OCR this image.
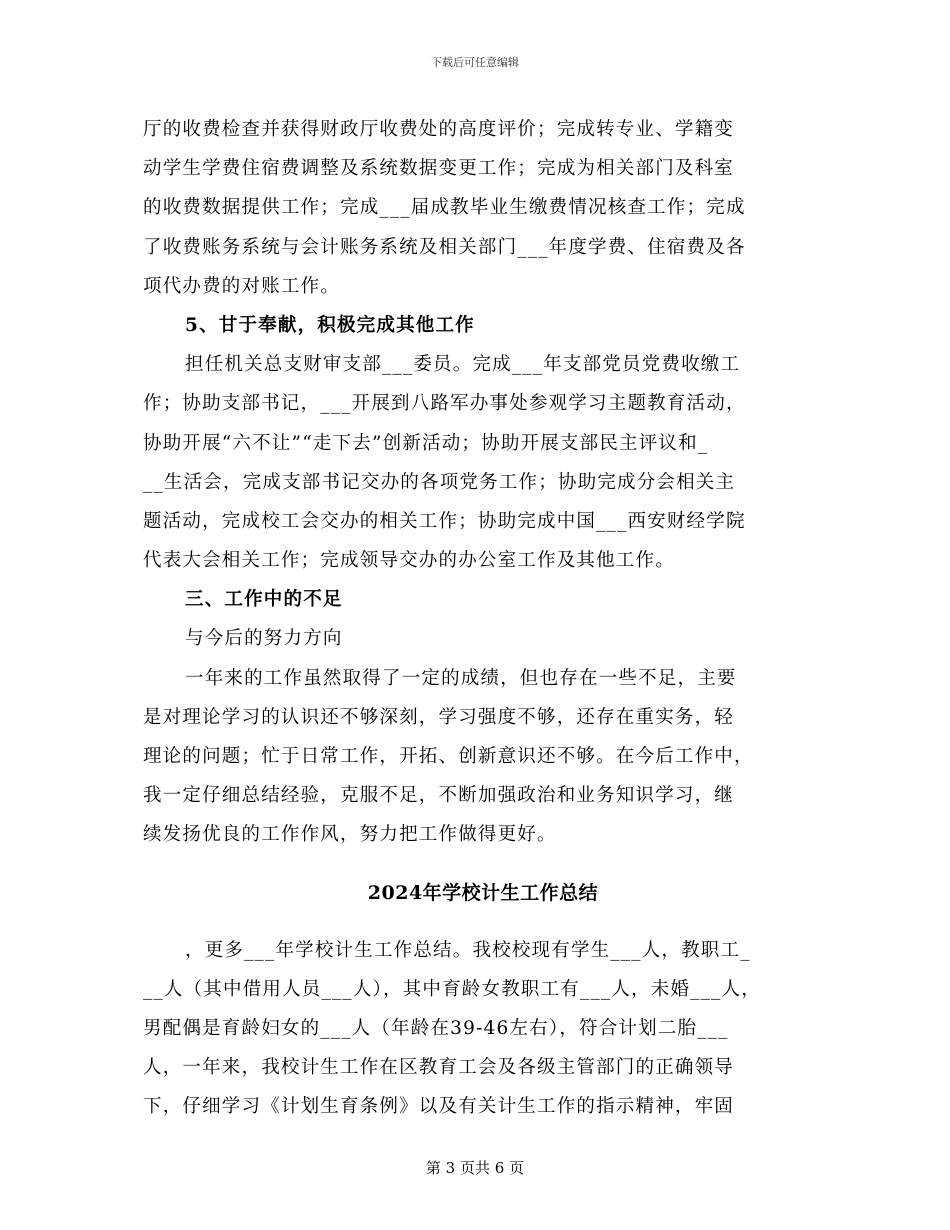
下载后可任意编辑
厅的收费检查并获得财政厅收费处的高度评价；完成转专业、学籍变
动学生学费住宿费调整及系统数据变更工作；完成为相关部门及科室
的收费数据提供工作；完成___届成教毕业生缴费情况核查工作；完成
了收费账务系统与会计账务系统及相关部门___年度学费、住宿费及各
项代办费的对账工作。
5、甘于奉献，积极完成其他工作
担任机关总支财审支部___委员。完成___年支部党员党费收缴工
作；协助支部书记，___开展到八路军办事处参观学习主题教育活动，
协助开展“六不让”“走下去”创新活动；协助开展支部民主评议和_
__生活会，完成支部书记交办的各项党务工作；协助完成分会相关主
题活动，完成校工会交办的相关工作；协助完成中国___西安财经学院
代表大会相关工作；完成领导交办的办公室工作及其他工作。
三、工作中的不足
与今后的努力方向
一年来的工作虽然取得了一定的成绩，但也存在一些不足，主要
是对理论学习的认识还不够深刻，学习强度不够，还存在重实务，轻
理论的问题；忙于日常工作，开拓、创新意识还不够。在今后工作中，
我一定仔细总结经验，克服不足，不断加强政治和业务知识学习，继
续发扬优良的工作作风，努力把工作做得更好。
2024年学校计生工作总结
，更多___年学校计生工作总结。我校校现有学生___人，教职工_
__人（其中借用人员___人），其中育龄女教职工有___人，未婚___人，
男配偶是育龄妇女的___人（年龄在39-46左右），符合计划二胎___
人，一年来，我校计生工作在区教育工会及各级主管部门的正确领导
下，仔细学习《计划生育条例》以及有关计生工作的指示精神，牢固
第 3 页共 6 页
